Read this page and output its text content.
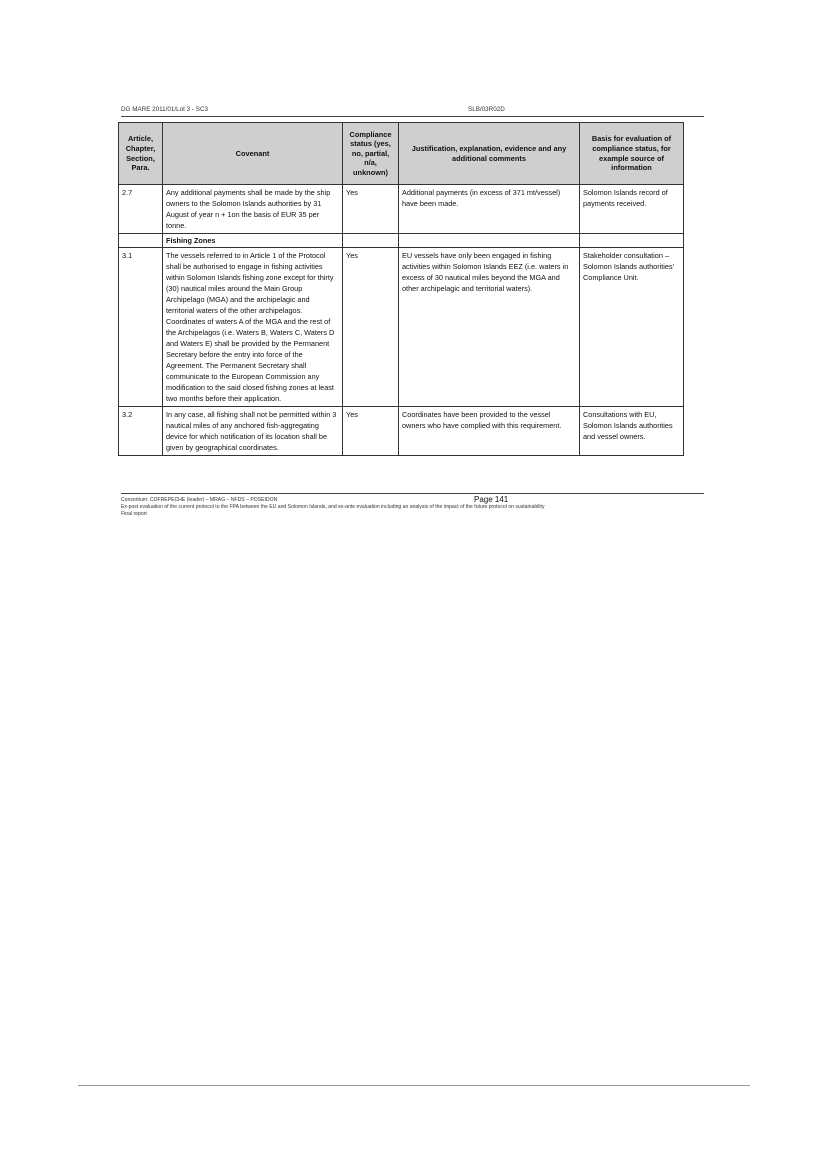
DG MARE 2011/01/Lot 3 - SC3	SLB/03R02D
Article, Chapter, Section, Para.	Covenant	Compliance status (yes, no, partial, n/a, unknown)	Justification, explanation, evidence and any additional comments	Basis for evaluation of compliance status, for example source of information
2.7	Any additional payments shall be made by the ship owners to the Solomon Islands authorities by 31 August of year n + 1on the basis of EUR 35 per tonne.	Yes	Additional payments (in excess of 371 mt/vessel) have been made.	Solomon Islands record of payments received.
	Fishing Zones			
3.1	The vessels referred to in Article 1 of the Protocol shall be authorised to engage in fishing activities within Solomon Islands fishing zone except for thirty (30) nautical miles around the Main Group Archipelago (MGA) and the archipelagic and territorial waters of the other archipelagos. Coordinates of waters A of the MGA and the rest of the Archipelagos (i.e. Waters B, Waters C, Waters D and Waters E) shall be provided by the Permanent Secretary before the entry into force of the Agreement. The Permanent Secretary shall communicate to the European Commission any modification to the said closed fishing zones at least two months before their application.	Yes	EU vessels have only been engaged in fishing activities within Solomon Islands EEZ (i.e. waters in excess of 30 nautical miles beyond the MGA and other archipelagic and territorial waters).	Stakeholder consultation – Solomon Islands authorities' Compliance Unit.
3.2	In any case, all fishing shall not be permitted within 3 nautical miles of any anchored fish-aggregating device for which notification of its location shall be given by geographical coordinates.	Yes	Coordinates have been provided to the vessel owners who have complied with this requirement.	Consultations with EU, Solomon Islands authorities and vessel owners.
Consortium: COFREPECHE (leader) – MRAG – NFDS – POSEIDON	Page 141
Ex-post evaluation of the current protocol to the FPA between the EU and Solomon Islands, and ex-ante evaluation including an analysis of the impact of the future protocol on sustainability
Final report
